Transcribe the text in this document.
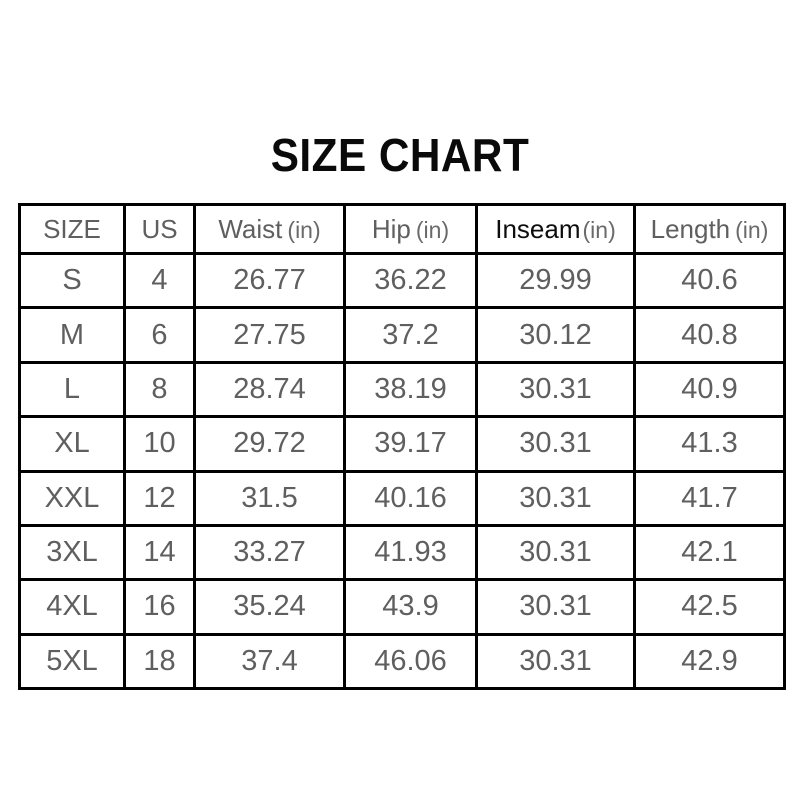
SIZE CHART
SIZE	US	Waist (in)	Hip (in)	Inseam(in)	Length (in)
S	4	26.77	36.22	29.99	40.6
M	6	27.75	37.2	30.12	40.8
L	8	28.74	38.19	30.31	40.9
XL	10	29.72	39.17	30.31	41.3
XXL	12	31.5	40.16	30.31	41.7
3XL	14	33.27	41.93	30.31	42.1
4XL	16	35.24	43.9	30.31	42.5
5XL	18	37.4	46.06	30.31	42.9
